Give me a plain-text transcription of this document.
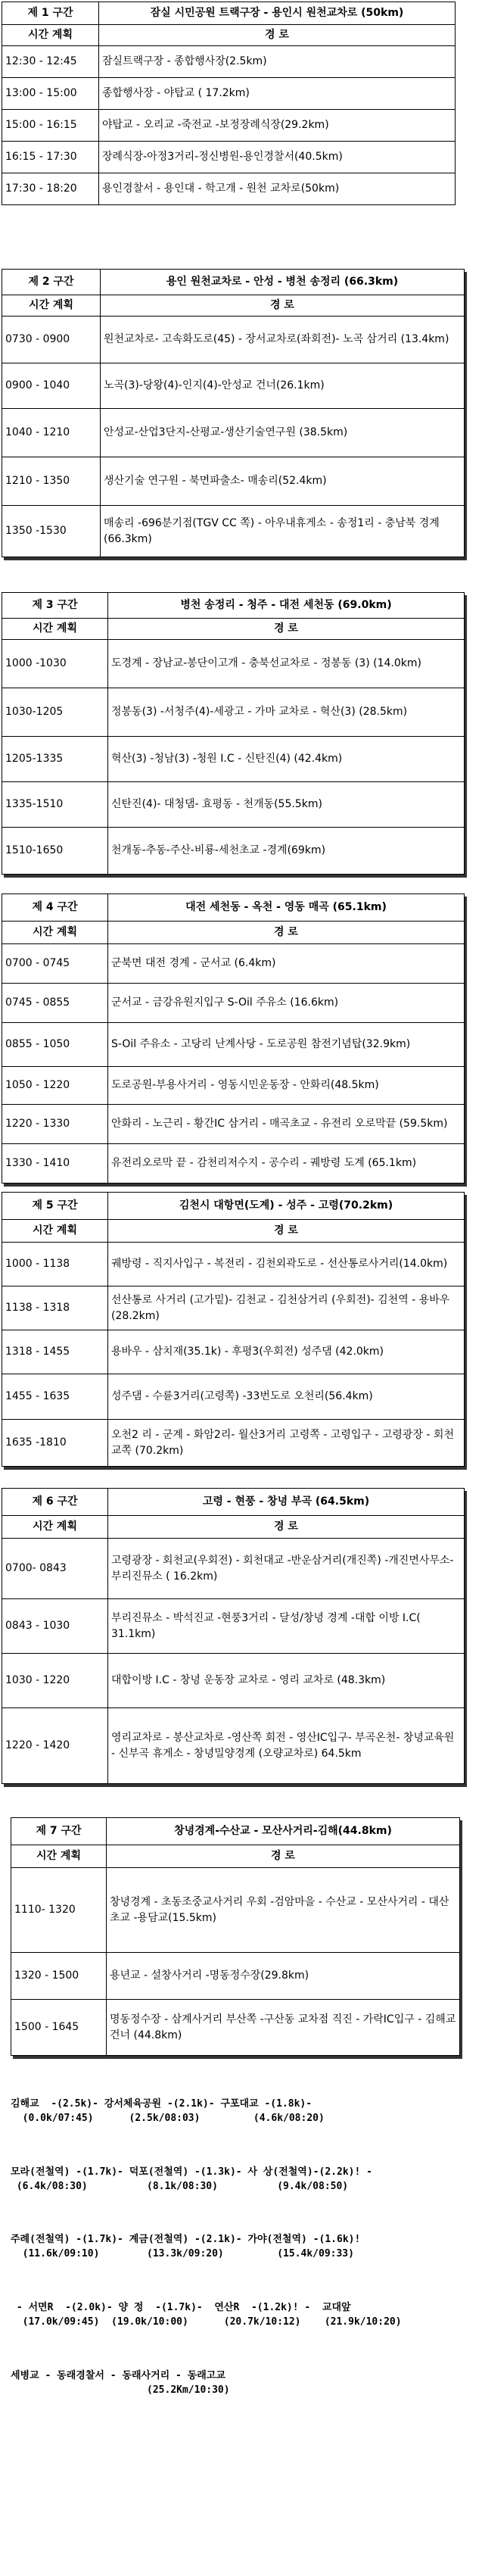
제 1 구간	잠실 시민공원 트랙구장 - 용인시 원천교차로 (50km)
시간 계획	경 로
12:30 - 12:45	잠실트랙구장 - 종합행사장(2.5km)
13:00 - 15:00	종합행사장 - 야탑교 ( 17.2km)
15:00 - 16:15	야탑교 - 오리교 -죽전교 -보정장례식장(29.2km)
16:15 - 17:30	장례식장-아정3거리-정신병원-용인경찰서(40.5km)
17:30 - 18:20	용인경찰서 - 용인대 - 학고개 - 원천 교차로(50km)
제 2 구간	용인 원천교차로 - 안성 - 병천 송정리 (66.3km)
시간 계획	경 로
0730 - 0900	원천교차로- 고속화도로(45) - 장서교차로(좌회전)- 노곡 삼거리 (13.4km)
0900 - 1040	노곡(3)-당왕(4)-인지(4)-안성교 건너(26.1km)
1040 - 1210	안성교-산업3단지-산평교-생산기술연구원 (38.5km)
1210 - 1350	생산기술 연구원 - 북면파출소- 매송리(52.4km)
1350 -1530	매송리 -696분기점(TGV CC 쪽) - 아우내휴게소 - 송정1리 - 충남북 경계 (66.3km)
제 3 구간	병천 송정리 - 청주 - 대전 세천동 (69.0km)
시간 계획	경 로
1000 -1030	도경계 - 장남교-봉단이고개 - 충북선교차로 - 정봉동 (3) (14.0km)
1030-1205	정봉동(3) -서청주(4)-세광고 - 가마 교차로 - 혁산(3) (28.5km)
1205-1335	혁산(3) -청남(3) -청원 I.C - 신탄진(4) (42.4km)
1335-1510	신탄진(4)- 대청댐- 효평동 - 천개동(55.5km)
1510-1650	천개동-추동-주산-비룡-세천초교 -경계(69km)
제 4 구간	대전 세천동 - 옥천 - 영동 매곡 (65.1km)
시간 계획	경 로
0700 - 0745	군북면 대전 경계 - 군서교 (6.4km)
0745 - 0855	군서교 - 금강유원지입구 S-Oil 주유소 (16.6km)
0855 - 1050	S-Oil 주유소 - 고당리 난계사당 - 도로공원 참전기념탑(32.9km)
1050 - 1220	도로공원-부용사거리 - 영동시민운동장 - 안화리(48.5km)
1220 - 1330	안화리 - 노근리 - 황간IC 삼거리 - 매곡초교 - 유전리 오로막끝 (59.5km)
1330 - 1410	유전리오로막 끝 - 감천리저수지 - 공수리 - 궤방령 도계 (65.1km)
제 5 구간	김천시 대항면(도계) - 성주 - 고령(70.2km)
시간 계획	경 로
1000 - 1138	궤방령 - 직지사입구 - 복전리 - 김천외곽도로 - 선산통로사거리(14.0km)
1138 - 1318	선산통로 사거리 (고가밑)- 김천교 - 김천삼거리 (우회전)- 김천역 - 용바우(28.2km)
1318 - 1455	용바우 - 삼치재(35.1k) - 후평3(우회전) 성주댐 (42.0km)
1455 - 1635	성주댐 - 수륜3거리(고령쪽) -33번도로 오천리(56.4km)
1635 -1810	오천2 리 - 군계 - 화암2리- 월산3거리 고령쪽 - 고령입구 - 고령광장 - 회천교쪽 (70.2km)
제 6 구간	고령 - 현풍 - 창녕 부곡 (64.5km)
시간 계획	경 로
0700- 0843	고령광장 - 회천교(우회전) - 회천대교 -반운삼거리(개진쪽) -개진면사무소-부리진뮤소 ( 16.2km)
0843 - 1030	부리진뮤소 - 박석진교 -현풍3거리 - 달성/창녕 경계 -대합 이방 I.C( 31.1km)
1030 - 1220	대합이방 I.C - 창녕 운동장 교차로 - 영리 교차로 (48.3km)
1220 - 1420	영리교차로 - 봉산교차로 -영산쪽 회전 - 영산IC입구- 부곡온천- 창녕교육원 - 신부곡 휴게소 - 창녕밀양경계 (오량교차로) 64.5km
제 7 구간	창녕경계-수산교 - 모산사거리-김해(44.8km)
시간 계획	경 로
1110- 1320	창녕경계 - 초동조중교사거리 우회 -검암마을 - 수산교 - 모산사거리 - 대산초교 -용담교(15.5km)
1320 - 1500	용년교 - 설창사거리 -명동정수장(29.8km)
1500 - 1645	명동정수장 - 삼계사거리 부산쪽 -구산동 교차점 직진 - 가락IC입구 - 김해교 건너 (44.8km)
김해교  -(2.5k)- 강서체육공원 -(2.1k)- 구포대교 -(1.8k)-
(0.0k/07:45)      (2.5k/08:03)         (4.6k/08:20)
모라(전철역) -(1.7k)- 덕포(전철역) -(1.3k)- 사 상(전철역)-(2.2k)! -
(6.4k/08:30)          (8.1k/08:30)          (9.4k/08:50)
주례(전철역) -(1.7k)- 계금(전철역) -(2.1k)- 가야(전철역) -(1.6k)!
(11.6k/09:10)        (13.3k/09:20)         (15.4k/09:33)
- 서면R  -(2.0k)- 양 정  -(1.7k)-  연산R  -(1.2k)! -  교대앞
(17.0k/09:45)  (19.0k/10:00)      (20.7k/10:12)    (21.9k/10:20)
세병교 - 동래경찰서 - 동래사거리 - 동래고교
(25.2Km/10:30)
